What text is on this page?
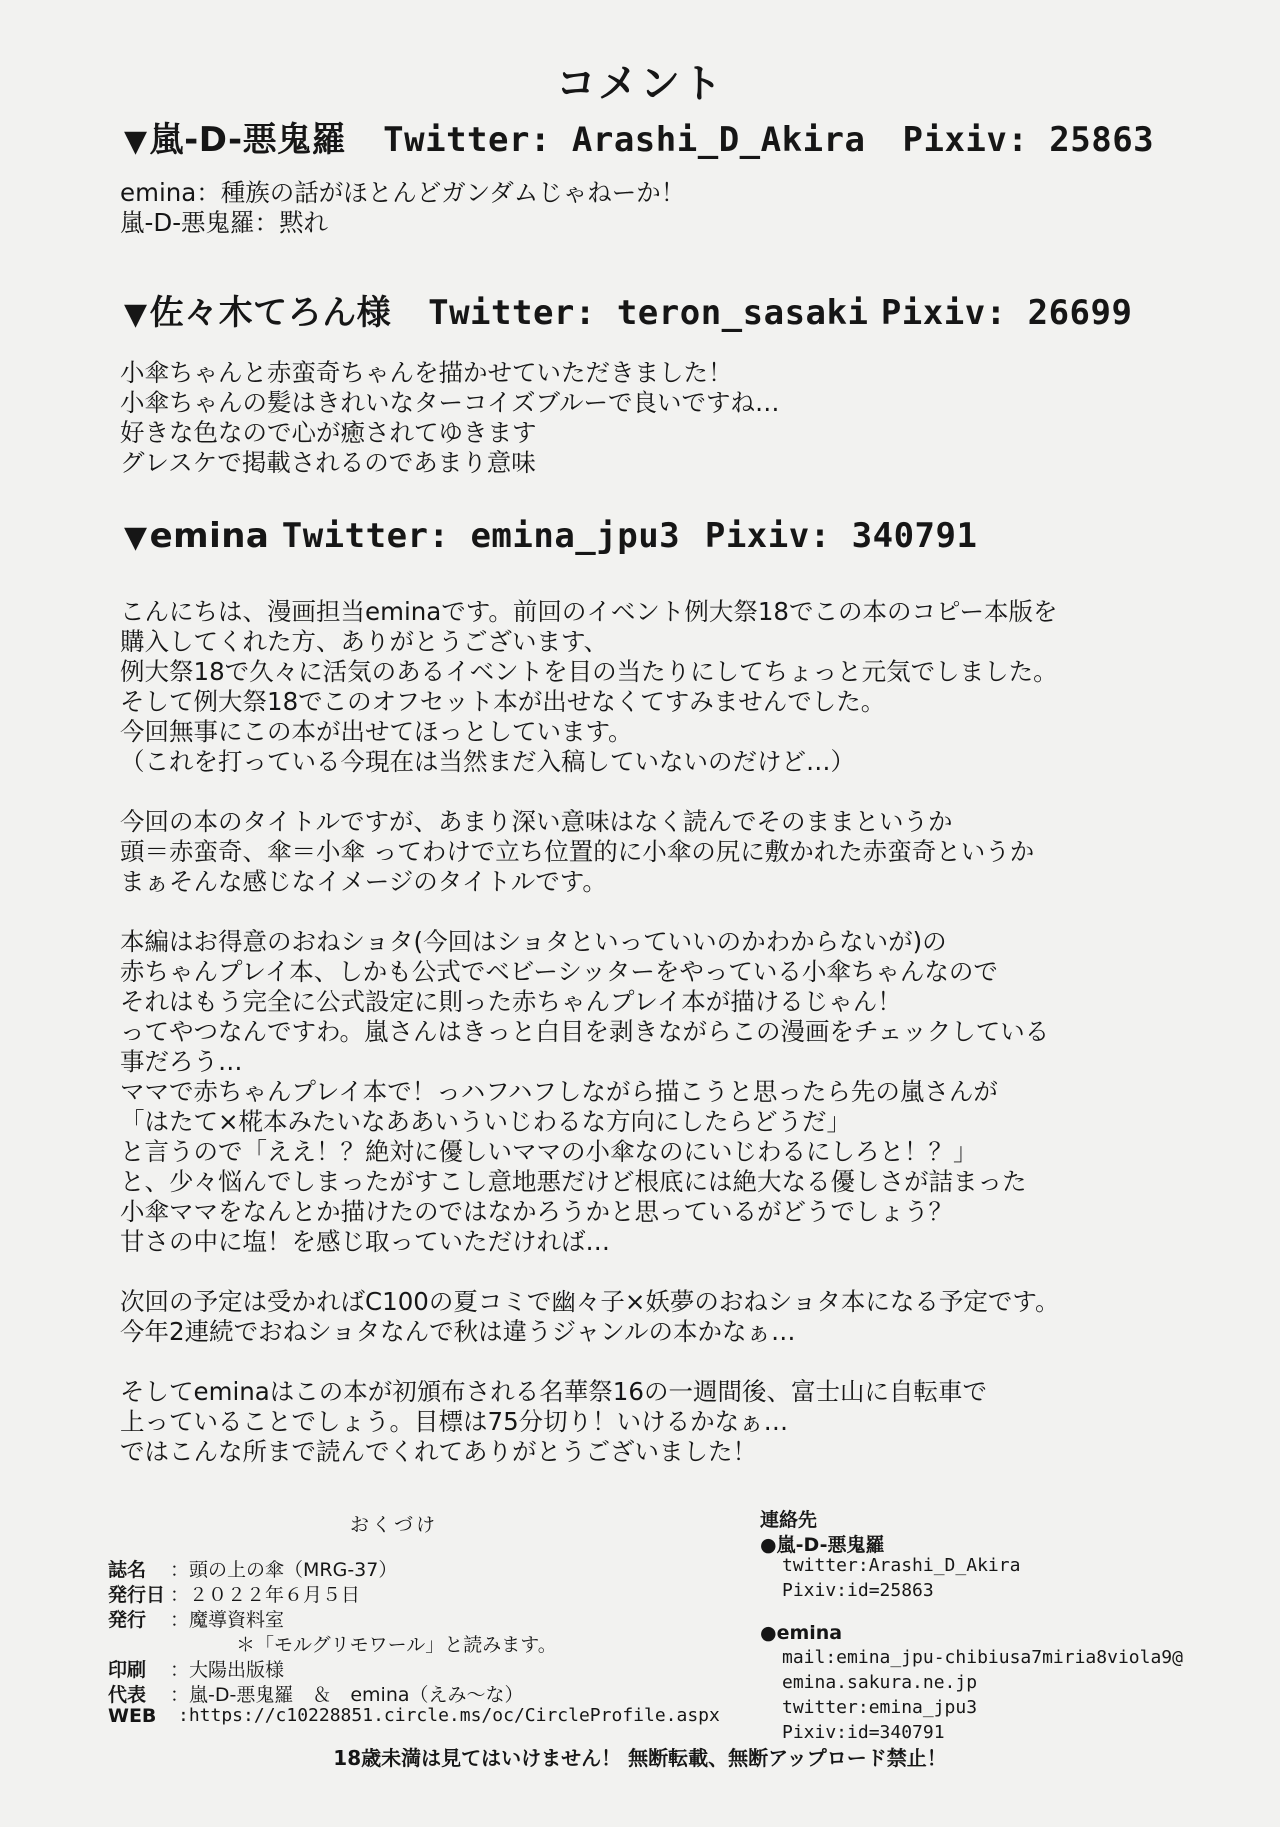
コメント
▼嵐-D-悪鬼羅 Twitter: Arashi_D_Akira Pixiv: 25863
emina：種族の話がほとんどガンダムじゃねーか！
嵐-D-悪鬼羅：黙れ
▼佐々木てろん様 Twitter: teron_sasaki Pixiv: 26699
小傘ちゃんと赤蛮奇ちゃんを描かせていただきました！
小傘ちゃんの髪はきれいなターコイズブルーで良いですね…
好きな色なので心が癒されてゆきます
グレスケで掲載されるのであまり意味
▼emina Twitter: emina_jpu3 Pixiv: 340791
こんにちは、漫画担当eminaです。前回のイベント例大祭18でこの本のコピー本版を
購入してくれた方、ありがとうございます、
例大祭18で久々に活気のあるイベントを目の当たりにしてちょっと元気でしました。
そして例大祭18でこのオフセット本が出せなくてすみませんでした。
今回無事にこの本が出せてほっとしています。
（これを打っている今現在は当然まだ入稿していないのだけど…）
今回の本のタイトルですが、あまり深い意味はなく読んでそのままというか
頭＝赤蛮奇、傘＝小傘 ってわけで立ち位置的に小傘の尻に敷かれた赤蛮奇というか
まぁそんな感じなイメージのタイトルです。
本編はお得意のおねショタ(今回はショタといっていいのかわからないが)の
赤ちゃんプレイ本、しかも公式でベビーシッターをやっている小傘ちゃんなので
それはもう完全に公式設定に則った赤ちゃんプレイ本が描けるじゃん！
ってやつなんですわ。嵐さんはきっと白目を剥きながらこの漫画をチェックしている
事だろう…
ママで赤ちゃんプレイ本で！っハフハフしながら描こうと思ったら先の嵐さんが
「はたて×椛本みたいなああいういじわるな方向にしたらどうだ」
と言うので「ええ！？絶対に優しいママの小傘なのにいじわるにしろと！？」
と、少々悩んでしまったがすこし意地悪だけど根底には絶大なる優しさが詰まった
小傘ママをなんとか描けたのではなかろうかと思っているがどうでしょう？
甘さの中に塩！を感じ取っていただければ…
次回の予定は受かればC100の夏コミで幽々子×妖夢のおねショタ本になる予定です。
今年2連続でおねショタなんで秋は違うジャンルの本かなぁ…
そしてeminaはこの本が初頒布される名華祭16の一週間後、富士山に自転車で
上っていることでしょう。目標は75分切り！いけるかなぁ…
ではこんな所まで読んでくれてありがとうございました！
おくづけ
誌名 ：頭の上の傘（MRG-37）
発行日 ：２０２２年６月５日
発行 ：魔導資料室
＊「モルグリモワール」と読みます。
印刷 ：大陽出版様
代表 ：嵐-D-悪鬼羅　＆　emina（えみ～な）
WEB :https://c10228851.circle.ms/oc/CircleProfile.aspx
連絡先
●嵐-D-悪鬼羅
twitter:Arashi_D_Akira
Pixiv:id=25863
●emina
mail:emina_jpu-chibiusa7miria8viola9@
emina.sakura.ne.jp
twitter:emina_jpu3
Pixiv:id=340791
18歳未満は見てはいけません！ 無断転載、無断アップロード禁止！
